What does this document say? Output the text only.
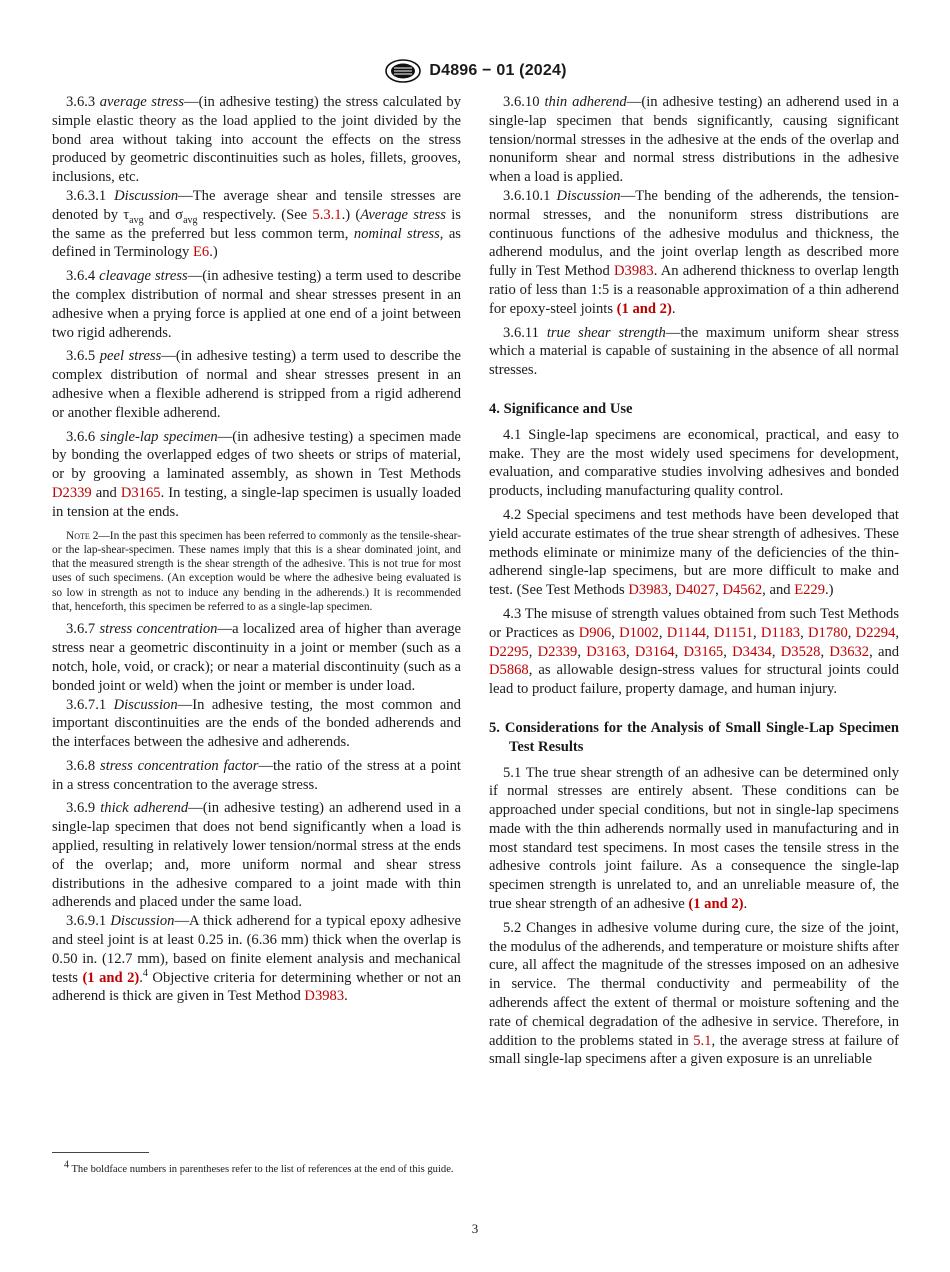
D4896 − 01 (2024)

3.6.3 average stress—(in adhesive testing) the stress calculated by simple elastic theory as the load applied to the joint divided by the bond area without taking into account the effects on the stress produced by geometric discontinuities such as holes, fillets, grooves, inclusions, etc.

3.6.3.1 Discussion—The average shear and tensile stresses are denoted by $\tau_{avg}$ and $\sigma_{avg}$ respectively. (See 5.3.1.) (Average stress is the same as the preferred but less common term, nominal stress, as defined in Terminology E6.)

3.6.4 cleavage stress—(in adhesive testing) a term used to describe the complex distribution of normal and shear stresses present in an adhesive when a prying force is applied at one end of a joint between two rigid adherends.

3.6.5 peel stress—(in adhesive testing) a term used to describe the complex distribution of normal and shear stresses present in an adhesive when a flexible adherend is stripped from a rigid adherend or another flexible adherend.

3.6.6 single-lap specimen—(in adhesive testing) a specimen made by bonding the overlapped edges of two sheets or strips of material, or by grooving a laminated assembly, as shown in Test Methods D2339 and D3165. In testing, a single-lap specimen is usually loaded in tension at the ends.

Note 2—In the past this specimen has been referred to commonly as the tensile-shear- or the lap-shear-specimen. These names imply that this is a shear dominated joint, and that the measured strength is the shear strength of the adhesive. This is not true for most uses of such specimens. (An exception would be where the adhesive being evaluated is so low in strength as not to induce any bending in the adherends.) It is recommended that, henceforth, this specimen be referred to as a single-lap specimen.

3.6.7 stress concentration—a localized area of higher than average stress near a geometric discontinuity in a joint or member (such as a notch, hole, void, or crack); or near a material discontinuity (such as a bonded joint or weld) when the joint or member is under load.

3.6.7.1 Discussion—In adhesive testing, the most common and important discontinuities are the ends of the bonded adherends and the interfaces between the adhesive and adherends.

3.6.8 stress concentration factor—the ratio of the stress at a point in a stress concentration to the average stress.

3.6.9 thick adherend—(in adhesive testing) an adherend used in a single-lap specimen that does not bend significantly when a load is applied, resulting in relatively lower tension/normal stress at the ends of the overlap; and, more uniform normal and shear stress distributions in the adhesive compared to a joint made with thin adherends and placed under the same load.

3.6.9.1 Discussion—A thick adherend for a typical epoxy adhesive and steel joint is at least 0.25 in. (6.36 mm) thick when the overlap is 0.50 in. (12.7 mm), based on finite element analysis and mechanical tests (1 and 2).$^4$ Objective criteria for determining whether or not an adherend is thick are given in Test Method D3983.

$^4$ The boldface numbers in parentheses refer to the list of references at the end of this guide.

3.6.10 thin adherend—(in adhesive testing) an adherend used in a single-lap specimen that bends significantly, causing significant tension/normal stresses in the adhesive at the ends of the overlap and nonuniform shear and normal stress distributions in the adhesive when a load is applied.

3.6.10.1 Discussion—The bending of the adherends, the tension-normal stresses, and the nonuniform stress distributions are continuous functions of the adhesive modulus and thickness, the adherend modulus, and the joint overlap length as described more fully in Test Method D3983. An adherend thickness to overlap length ratio of less than 1:5 is a reasonable approximation of a thin adherend for epoxy-steel joints (1 and 2).

3.6.11 true shear strength—the maximum uniform shear stress which a material is capable of sustaining in the absence of all normal stresses.

4. Significance and Use

4.1 Single-lap specimens are economical, practical, and easy to make. They are the most widely used specimens for development, evaluation, and comparative studies involving adhesives and bonded products, including manufacturing quality control.

4.2 Special specimens and test methods have been developed that yield accurate estimates of the true shear strength of adhesives. These methods eliminate or minimize many of the deficiencies of the thin-adherend single-lap specimens, but are more difficult to make and test. (See Test Methods D3983, D4027, D4562, and E229.)

4.3 The misuse of strength values obtained from such Test Methods or Practices as D906, D1002, D1144, D1151, D1183, D1780, D2294, D2295, D2339, D3163, D3164, D3165, D3434, D3528, D3632, and D5868, as allowable design-stress values for structural joints could lead to product failure, property damage, and human injury.

5. Considerations for the Analysis of Small Single-Lap Specimen Test Results

5.1 The true shear strength of an adhesive can be determined only if normal stresses are entirely absent. These conditions can be approached under special conditions, but not in single-lap specimens made with the thin adherends normally used in manufacturing and in most standard test specimens. In most cases the tensile stress in the adhesive controls joint failure. As a consequence the single-lap specimen strength is unrelated to, and an unreliable measure of, the true shear strength of an adhesive (1 and 2).

5.2 Changes in adhesive volume during cure, the size of the joint, the modulus of the adherends, and temperature or moisture shifts after cure, all affect the magnitude of the stresses imposed on an adhesive in service. The thermal conductivity and permeability of the adherends affect the extent of thermal or moisture softening and the rate of chemical degradation of the adhesive in service. Therefore, in addition to the problems stated in 5.1, the average stress at failure of small single-lap specimens after a given exposure is an unreliable

3
